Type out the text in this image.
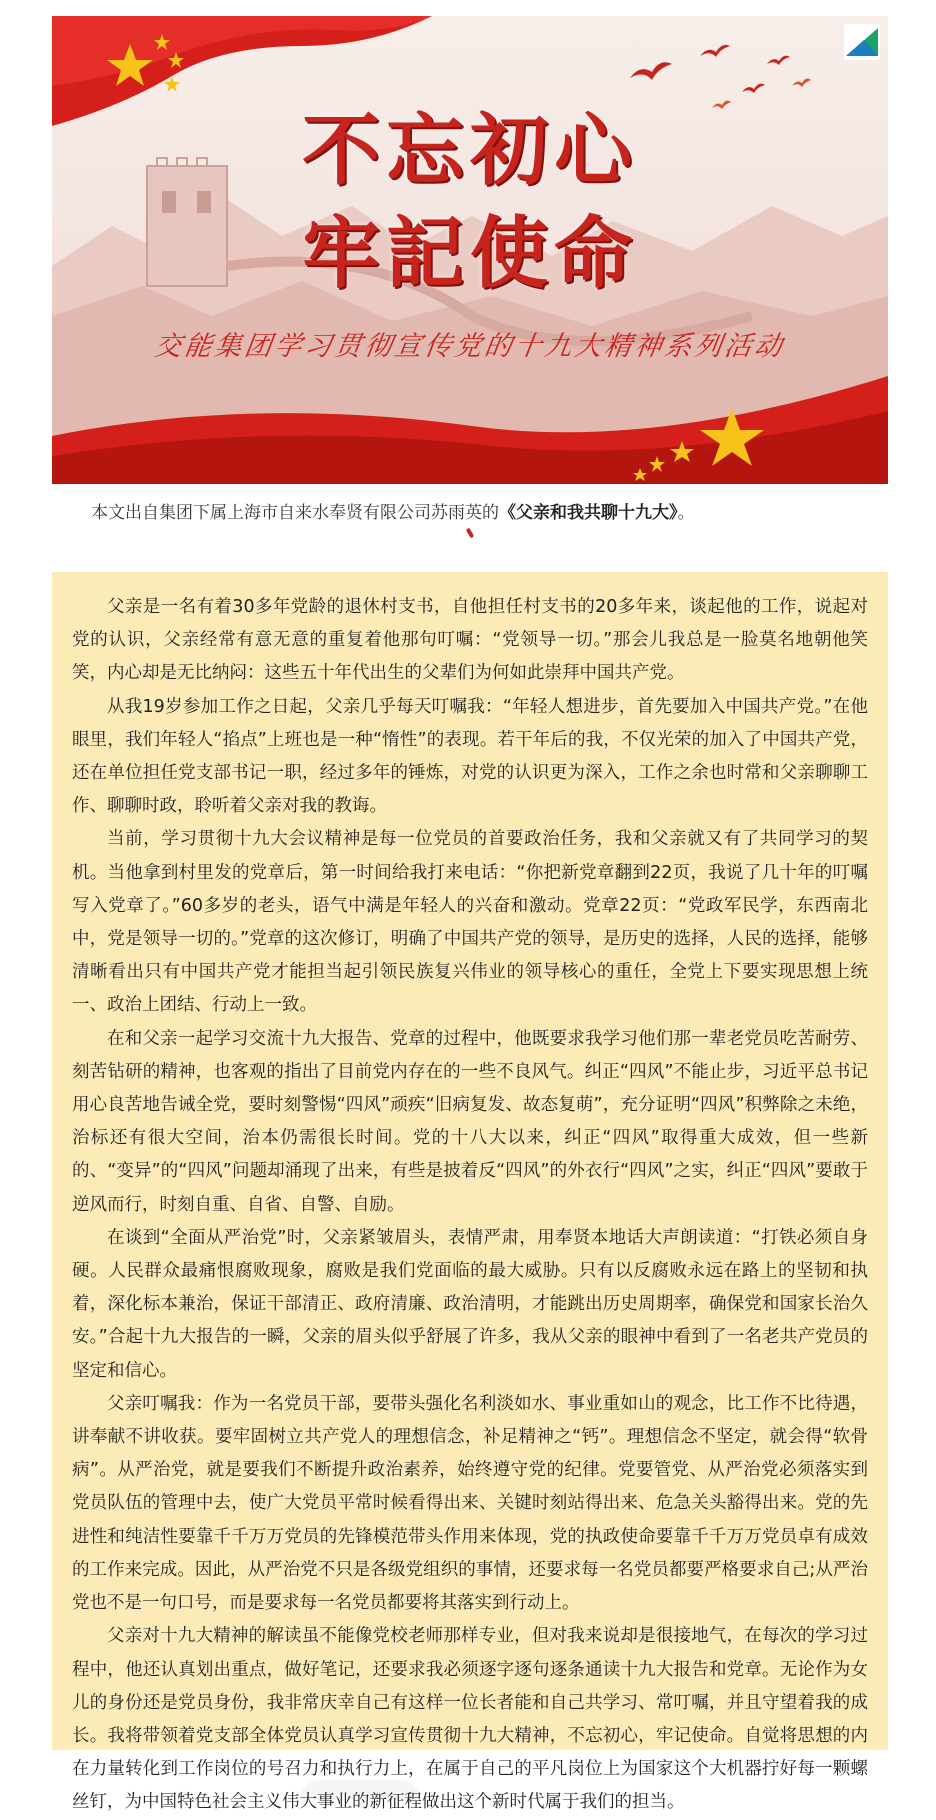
不忘初心
牢記使命
交能集团学习贯彻宣传党的十九大精神系列活动
本文出自集团下属上海市自来水奉贤有限公司苏雨英的《父亲和我共聊十九大》。

父亲是一名有着30多年党龄的退休村支书，自他担任村支书的20多年来，谈起他的工作，说起对党的认识，父亲经常有意无意的重复着他那句叮嘱：“党领导一切。”那会儿我总是一脸莫名地朝他笑笑，内心却是无比纳闷：这些五十年代出生的父辈们为何如此崇拜中国共产党。

从我19岁参加工作之日起，父亲几乎每天叮嘱我：“年轻人想进步，首先要加入中国共产党。”在他眼里，我们年轻人“掐点”上班也是一种“惰性”的表现。若干年后的我，不仅光荣的加入了中国共产党，还在单位担任党支部书记一职，经过多年的锤炼，对党的认识更为深入，工作之余也时常和父亲聊聊工作、聊聊时政，聆听着父亲对我的教诲。

当前，学习贯彻十九大会议精神是每一位党员的首要政治任务，我和父亲就又有了共同学习的契机。当他拿到村里发的党章后，第一时间给我打来电话：“你把新党章翻到22页，我说了几十年的叮嘱写入党章了。”60多岁的老头，语气中满是年轻人的兴奋和激动。党章22页：“党政军民学，东西南北中，党是领导一切的。”党章的这次修订，明确了中国共产党的领导，是历史的选择，人民的选择，能够清晰看出只有中国共产党才能担当起引领民族复兴伟业的领导核心的重任，全党上下要实现思想上统一、政治上团结、行动上一致。

在和父亲一起学习交流十九大报告、党章的过程中，他既要求我学习他们那一辈老党员吃苦耐劳、刻苦钻研的精神，也客观的指出了目前党内存在的一些不良风气。纠正“四风”不能止步，习近平总书记用心良苦地告诫全党，要时刻警惕“四风”顽疾“旧病复发、故态复萌”，充分证明“四风”积弊除之未绝，治标还有很大空间，治本仍需很长时间。党的十八大以来，纠正“四风”取得重大成效，但一些新的、“变异”的“四风”问题却涌现了出来，有些是披着反“四风”的外衣行“四风”之实，纠正“四风”要敢于逆风而行，时刻自重、自省、自警、自励。

在谈到“全面从严治党”时，父亲紧皱眉头，表情严肃，用奉贤本地话大声朗读道：“打铁必须自身硬。人民群众最痛恨腐败现象，腐败是我们党面临的最大威胁。只有以反腐败永远在路上的坚韧和执着，深化标本兼治，保证干部清正、政府清廉、政治清明，才能跳出历史周期率，确保党和国家长治久安。”合起十九大报告的一瞬，父亲的眉头似乎舒展了许多，我从父亲的眼神中看到了一名老共产党员的坚定和信心。

父亲叮嘱我：作为一名党员干部，要带头强化名利淡如水、事业重如山的观念，比工作不比待遇，讲奉献不讲收获。要牢固树立共产党人的理想信念，补足精神之“钙”。理想信念不坚定，就会得“软骨病”。从严治党，就是要我们不断提升政治素养，始终遵守党的纪律。党要管党、从严治党必须落实到党员队伍的管理中去，使广大党员平常时候看得出来、关键时刻站得出来、危急关头豁得出来。党的先进性和纯洁性要靠千千万万党员的先锋模范带头作用来体现，党的执政使命要靠千千万万党员卓有成效的工作来完成。因此，从严治党不只是各级党组织的事情，还要求每一名党员都要严格要求自己;从严治党也不是一句口号，而是要求每一名党员都要将其落实到行动上。

父亲对十九大精神的解读虽不能像党校老师那样专业，但对我来说却是很接地气，在每次的学习过程中，他还认真划出重点，做好笔记，还要求我必须逐字逐句逐条通读十九大报告和党章。无论作为女儿的身份还是党员身份，我非常庆幸自己有这样一位长者能和自己共学习、常叮嘱，并且守望着我的成长。我将带领着党支部全体党员认真学习宣传贯彻十九大精神，不忘初心，牢记使命。自觉将思想的内在力量转化到工作岗位的号召力和执行力上，在属于自己的平凡岗位上为国家这个大机器拧好每一颗螺丝钉，为中国特色社会主义伟大事业的新征程做出这个新时代属于我们的担当。
